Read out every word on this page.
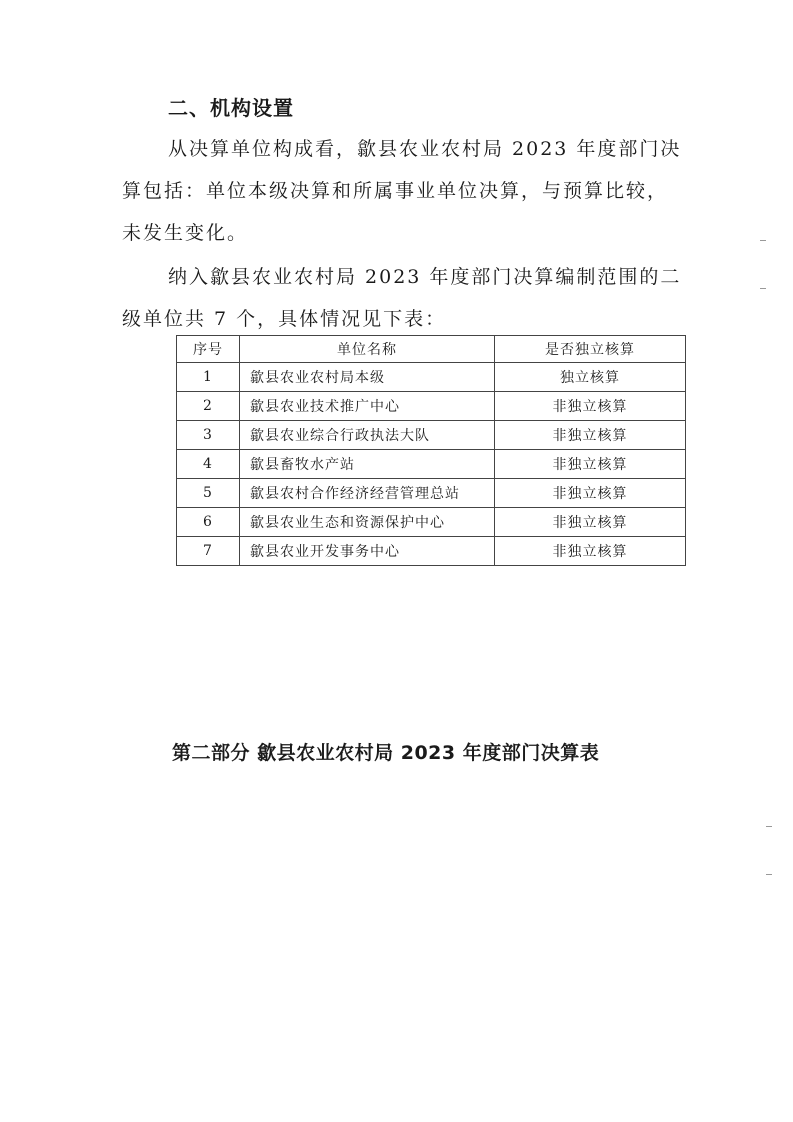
二、机构设置

从决算单位构成看，歙县农业农村局 2023 年度部门决
算包括：单位本级决算和所属事业单位决算，与预算比较，
未发生变化。

纳入歙县农业农村局 2023 年度部门决算编制范围的二
级单位共 7 个，具体情况见下表：

序号	单位名称	是否独立核算
1	歙县农业农村局本级	独立核算
2	歙县农业技术推广中心	非独立核算
3	歙县农业综合行政执法大队	非独立核算
4	歙县畜牧水产站	非独立核算
5	歙县农村合作经济经营管理总站	非独立核算
6	歙县农业生态和资源保护中心	非独立核算
7	歙县农业开发事务中心	非独立核算
第二部分 歙县农业农村局 2023 年度部门决算表
